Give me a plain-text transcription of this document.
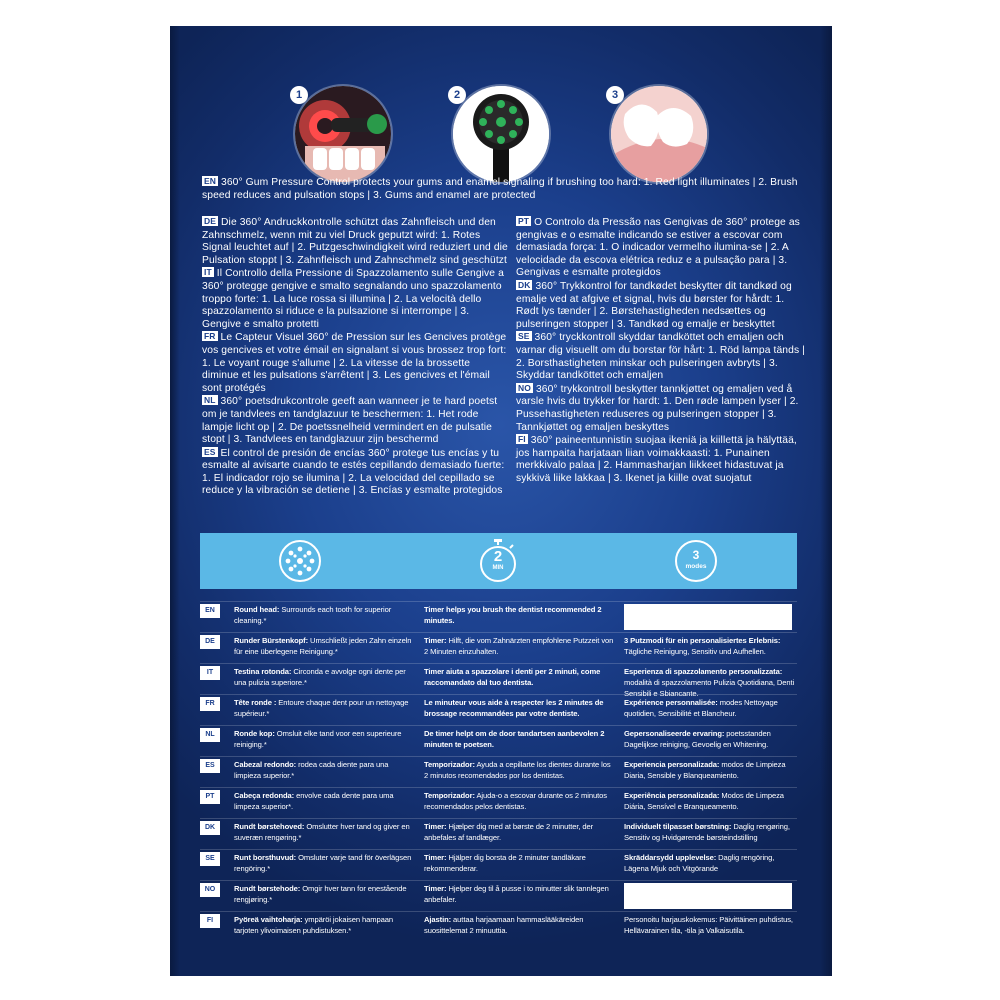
1	2	3
EN 360° Gum Pressure Control protects your gums and enamel signaling if brushing too hard: 1. Red light illuminates | 2. Brush speed reduces and pulsation stops | 3. Gums and enamel are protected
DE Die 360° Andruckkontrolle schützt das Zahnfleisch und den Zahnschmelz, wenn mit zu viel Druck geputzt wird: 1. Rotes Signal leuchtet auf | 2. Putzgeschwindigkeit wird reduziert und die Pulsation stoppt | 3. Zahnfleisch und Zahnschmelz sind geschützt
IT Il Controllo della Pressione di Spazzolamento sulle Gengive a 360° protegge gengive e smalto segnalando uno spazzolamento troppo forte: 1. La luce rossa si illumina | 2. La velocità dello spazzolamento si riduce e la pulsazione si interrompe | 3. Gengive e smalto protetti
FR Le Capteur Visuel 360° de Pression sur les Gencives protège vos gencives et votre émail en signalant si vous brossez trop fort: 1. Le voyant rouge s'allume | 2. La vitesse de la brossette diminue et les pulsations s'arrêtent | 3. Les gencives et l'émail sont protégés
NL 360° poetsdrukcontrole geeft aan wanneer je te hard poetst om je tandvlees en tandglazuur te beschermen: 1. Het rode lampje licht op | 2. De poetssnelheid vermindert en de pulsatie stopt | 3. Tandvlees en tandglazuur zijn beschermd
ES El control de presión de encías 360° protege tus encías y tu esmalte al avisarte cuando te estés cepillando demasiado fuerte: 1. El indicador rojo se ilumina | 2. La velocidad del cepillado se reduce y la vibración se detiene | 3. Encías y esmalte protegidos
PT O Controlo da Pressão nas Gengivas de 360° protege as gengivas e o esmalte indicando se estiver a escovar com demasiada força: 1. O indicador vermelho ilumina-se | 2. A velocidade da escova elétrica reduz e a pulsação para | 3. Gengivas e esmalte protegidos
DK 360° Trykkontrol for tandkødet beskytter dit tandkød og emalje ved at afgive et signal, hvis du børster for hårdt: 1. Rødt lys tænder | 2. Børstehastigheden nedsættes og pulseringen stopper | 3. Tandkød og emalje er beskyttet
SE 360° tryckkontroll skyddar tandköttet och emaljen och varnar dig visuellt om du borstar för hårt: 1. Röd lampa tänds | 2. Borsthastigheten minskar och pulseringen avbryts | 3. Skyddar tandköttet och emaljen
NO 360° trykkontroll beskytter tannkjøttet og emaljen ved å varsle hvis du trykker for hardt: 1. Den røde lampen lyser | 2. Pussehastigheten reduseres og pulseringen stopper | 3. Tannkjøttet og emaljen beskyttes
FI 360° paineentunnistin suojaa ikeniä ja kiillettä ja hälyttää, jos hampaita harjataan liian voimakkaasti: 1. Punainen merkkivalo palaa | 2. Hammasharjan liikkeet hidastuvat ja sykkivä liike lakkaa | 3. Ikenet ja kiille ovat suojatut
2
MIN
3
modes
EN	Round head: Surrounds each tooth for superior cleaning.*
Timer helps you brush the dentist recommended 2 minutes.
DE	Runder Bürstenkopf: Umschließt jeden Zahn einzeln für eine überlegene Reinigung.*
Timer: Hilft, die vom Zahnärzten empfohlene Putzzeit von 2 Minuten einzuhalten.
3 Putzmodi für ein personalisiertes Erlebnis: Tägliche Reinigung, Sensitiv und Aufhellen.
IT	Testina rotonda: Circonda e avvolge ogni dente per una pulizia superiore.*
Timer aiuta a spazzolare i denti per 2 minuti, come raccomandato dal tuo dentista.
Esperienza di spazzolamento personalizzata: modalità di spazzolamento Pulizia Quotidiana, Denti Sensibili e Sbiancante.
FR	Tête ronde : Entoure chaque dent pour un nettoyage supérieur.*
Le minuteur vous aide à respecter les 2 minutes de brossage recommandées par votre dentiste.
Expérience personnalisée: modes Nettoyage quotidien, Sensibilité et Blancheur.
NL	Ronde kop: Omsluit elke tand voor een superieure reiniging.*
De timer helpt om de door tandartsen aanbevolen 2 minuten te poetsen.
Gepersonaliseerde ervaring: poetsstanden Dagelijkse reiniging, Gevoelig en Whitening.
ES	Cabezal redondo: rodea cada diente para una limpieza superior.*
Temporizador: Ayuda a cepillarte los dientes durante los 2 minutos recomendados por los dentistas.
Experiencia personalizada: modos de Limpieza Diaria, Sensible y Blanqueamiento.
PT	Cabeça redonda: envolve cada dente para uma limpeza superior*.
Temporizador: Ajuda-o a escovar durante os 2 minutos recomendados pelos dentistas.
Experiência personalizada: Modos de Limpeza Diária, Sensível e Branqueamento.
DK	Rundt børstehoved: Omslutter hver tand og giver en suveræn rengøring.*
Timer: Hjælper dig med at børste de 2 minutter, der anbefales af tandlæger.
Individuelt tilpasset børstning: Daglig rengøring, Sensitiv og Hvidgørende børsteindstilling
SE	Runt borsthuvud: Omsluter varje tand för överlägsen rengöring.*
Timer: Hjälper dig borsta de 2 minuter tandläkare rekommenderar.
Skräddarsydd upplevelse: Daglig rengöring, Lägena Mjuk och Vitgörande
NO	Rundt børstehode: Omgir hver tann for enestående rengjøring.*
Timer: Hjelper deg til å pusse i to minutter slik tannlegen anbefaler.
FI	Pyöreä vaihtoharja: ympäröi jokaisen hampaan tarjoten ylivoimaisen puhdistuksen.*
Ajastin: auttaa harjaamaan hammaslääkäreiden suosittelemat 2 minuuttia.
Personoitu harjauskokemus: Päivittäinen puhdistus, Hellävarainen tila, -tila ja Valkaisutila.
